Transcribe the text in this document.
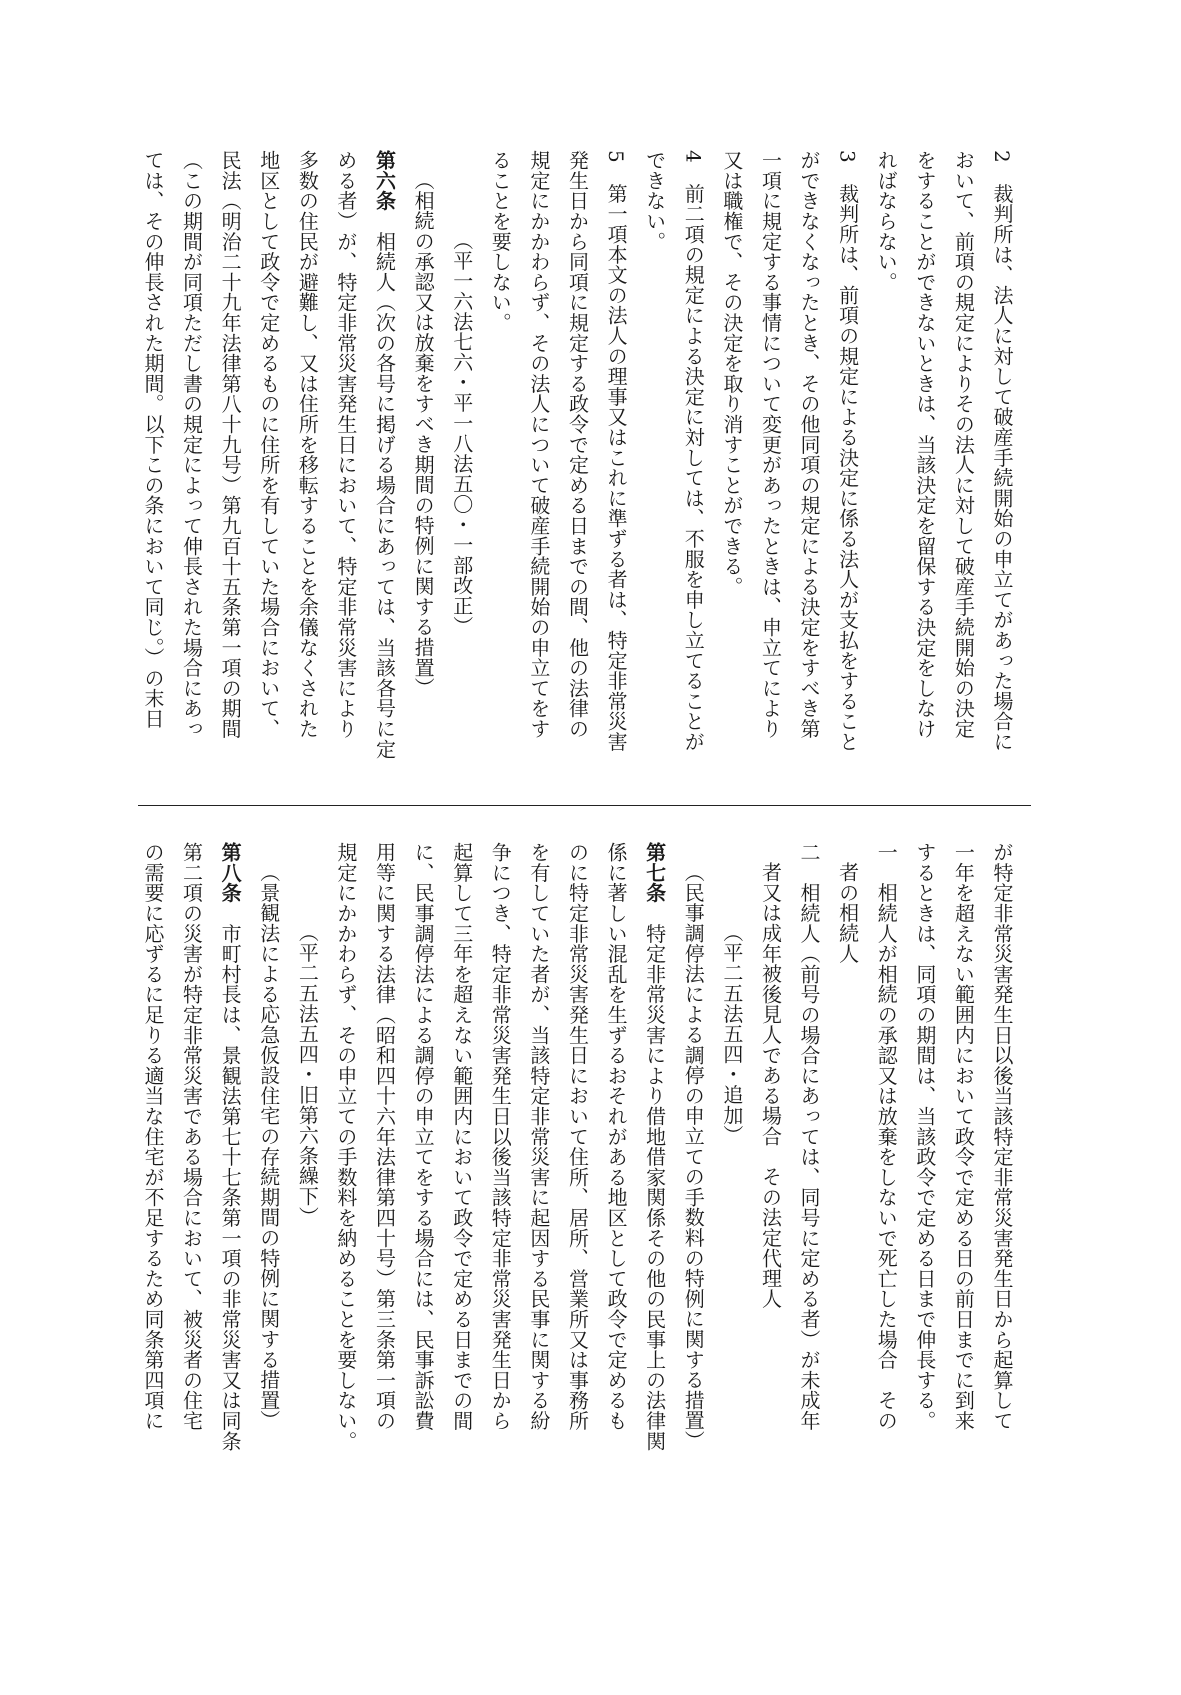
2　裁判所は、法人に対して破産手続開始の申立てがあった場合に
おいて、前項の規定によりその法人に対して破産手続開始の決定
をすることができないときは、当該決定を留保する決定をしなけ
ればならない。
3　裁判所は、前項の規定による決定に係る法人が支払をすること
ができなくなったとき、その他同項の規定による決定をすべき第
一項に規定する事情について変更があったときは、申立てにより
又は職権で、その決定を取り消すことができる。
4　前二項の規定による決定に対しては、不服を申し立てることが
できない。
5　第一項本文の法人の理事又はこれに準ずる者は、特定非常災害
発生日から同項に規定する政令で定める日までの間、他の法律の
規定にかかわらず、その法人について破産手続開始の申立てをす
ることを要しない。
（平一六法七六・平一八法五〇・一部改正）
（相続の承認又は放棄をすべき期間の特例に関する措置）
第六条　相続人（次の各号に掲げる場合にあっては、当該各号に定
める者）が、特定非常災害発生日において、特定非常災害により
多数の住民が避難し、又は住所を移転することを余儀なくされた
地区として政令で定めるものに住所を有していた場合において、
民法（明治二十九年法律第八十九号）第九百十五条第一項の期間
（この期間が同項ただし書の規定によって伸長された場合にあっ
ては、その伸長された期間。以下この条において同じ。）の末日
が特定非常災害発生日以後当該特定非常災害発生日から起算して
一年を超えない範囲内において政令で定める日の前日までに到来
するときは、同項の期間は、当該政令で定める日まで伸長する。
一　相続人が相続の承認又は放棄をしないで死亡した場合　その
者の相続人
二　相続人（前号の場合にあっては、同号に定める者）が未成年
者又は成年被後見人である場合　その法定代理人
（平二五法五四・追加）
（民事調停法による調停の申立ての手数料の特例に関する措置）
第七条　特定非常災害により借地借家関係その他の民事上の法律関
係に著しい混乱を生ずるおそれがある地区として政令で定めるも
のに特定非常災害発生日において住所、居所、営業所又は事務所
を有していた者が、当該特定非常災害に起因する民事に関する紛
争につき、特定非常災害発生日以後当該特定非常災害発生日から
起算して三年を超えない範囲内において政令で定める日までの間
に、民事調停法による調停の申立てをする場合には、民事訴訟費
用等に関する法律（昭和四十六年法律第四十号）第三条第一項の
規定にかかわらず、その申立ての手数料を納めることを要しない。
（平二五法五四・旧第六条繰下）
（景観法による応急仮設住宅の存続期間の特例に関する措置）
第八条　市町村長は、景観法第七十七条第一項の非常災害又は同条
第二項の災害が特定非常災害である場合において、被災者の住宅
の需要に応ずるに足りる適当な住宅が不足するため同条第四項に
